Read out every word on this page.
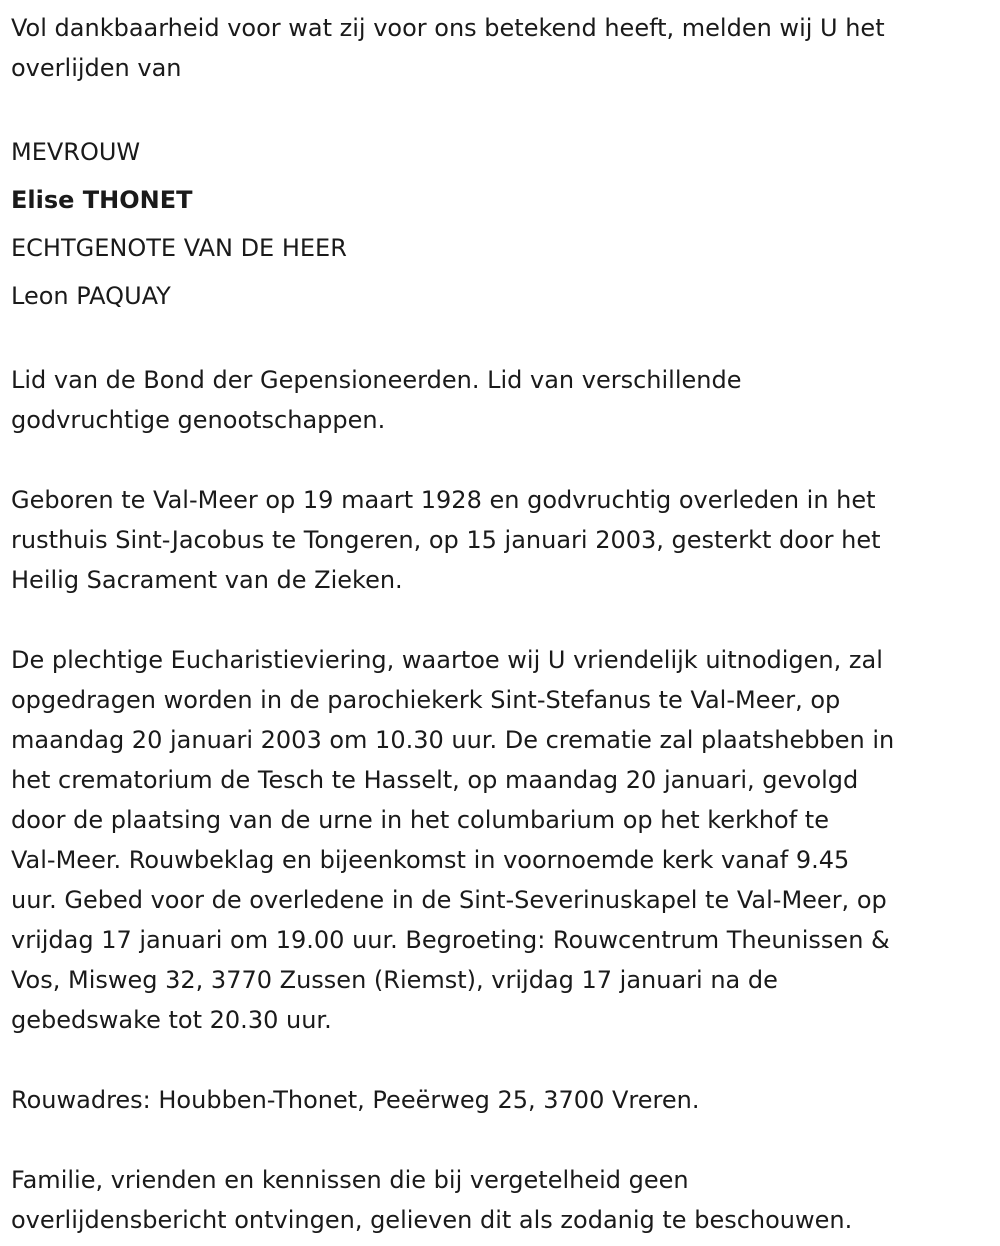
Vol dankbaarheid voor wat zij voor ons betekend heeft, melden wij U het
overlijden van

MEVROUW

Elise THONET

ECHTGENOTE VAN DE HEER

Leon PAQUAY

Lid van de Bond der Gepensioneerden. Lid van verschillende
godvruchtige genootschappen.

Geboren te Val-Meer op 19 maart 1928 en godvruchtig overleden in het
rusthuis Sint-Jacobus te Tongeren, op 15 januari 2003, gesterkt door het
Heilig Sacrament van de Zieken.

De plechtige Eucharistieviering, waartoe wij U vriendelijk uitnodigen, zal
opgedragen worden in de parochiekerk Sint-Stefanus te Val-Meer, op
maandag 20 januari 2003 om 10.30 uur. De crematie zal plaatshebben in
het crematorium de Tesch te Hasselt, op maandag 20 januari, gevolgd
door de plaatsing van de urne in het columbarium op het kerkhof te
Val-Meer. Rouwbeklag en bijeenkomst in voornoemde kerk vanaf 9.45
uur. Gebed voor de overledene in de Sint-Severinuskapel te Val-Meer, op
vrijdag 17 januari om 19.00 uur. Begroeting: Rouwcentrum Theunissen &
Vos, Misweg 32, 3770 Zussen (Riemst), vrijdag 17 januari na de
gebedswake tot 20.30 uur.

Rouwadres: Houbben-Thonet, Peeërweg 25, 3700 Vreren.

Familie, vrienden en kennissen die bij vergetelheid geen
overlijdensbericht ontvingen, gelieven dit als zodanig te beschouwen.
